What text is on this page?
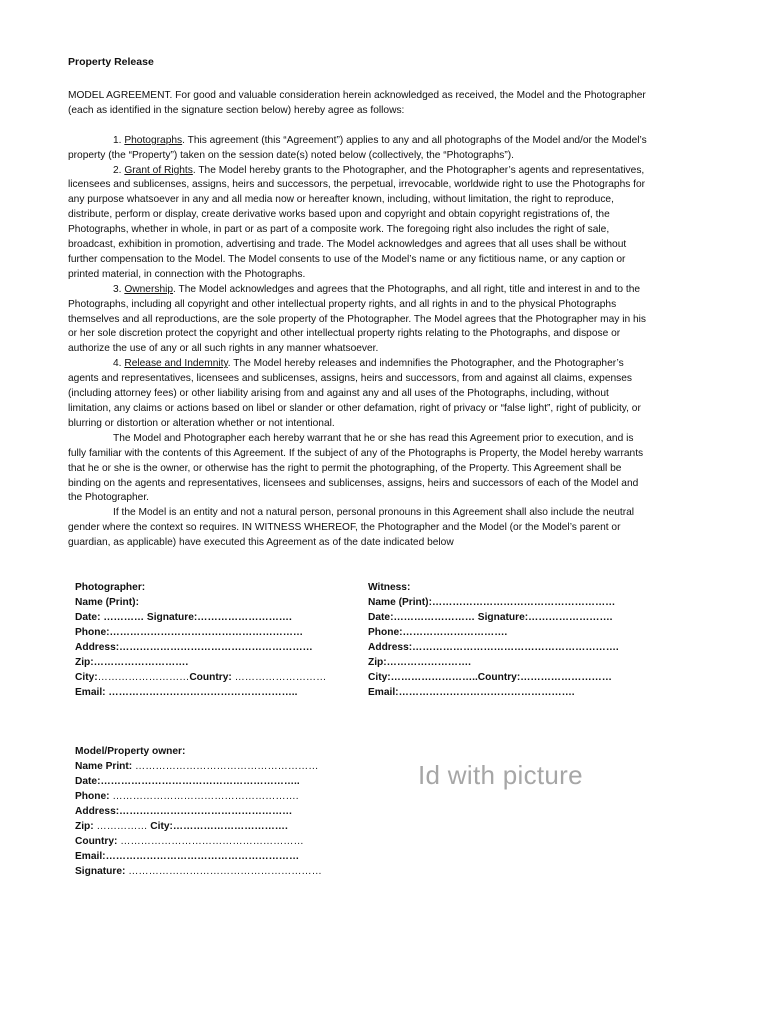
Property Release

MODEL AGREEMENT. For good and valuable consideration herein acknowledged as received, the Model and the Photographer (each as identified in the signature section below) hereby agree as follows:

1. Photographs. This agreement (this “Agreement”) applies to any and all photographs of the Model and/or the Model’s property (the “Property”) taken on the session date(s) noted below (collectively, the “Photographs”).

2. Grant of Rights. The Model hereby grants to the Photographer, and the Photographer’s agents and representatives, licensees and sublicenses, assigns, heirs and successors, the perpetual, irrevocable, worldwide right to use the Photographs for any purpose whatsoever in any and all media now or hereafter known, including, without limitation, the right to reproduce, distribute, perform or display, create derivative works based upon and copyright and obtain copyright registrations of, the Photographs, whether in whole, in part or as part of a composite work. The foregoing right also includes the right of sale, broadcast, exhibition in promotion, advertising and trade. The Model acknowledges and agrees that all uses shall be without further compensation to the Model. The Model consents to use of the Model’s name or any fictitious name, or any caption or printed material, in connection with the Photographs.

3. Ownership. The Model acknowledges and agrees that the Photographs, and all right, title and interest in and to the Photographs, including all copyright and other intellectual property rights, and all rights in and to the physical Photographs themselves and all reproductions, are the sole property of the Photographer. The Model agrees that the Photographer may in his or her sole discretion protect the copyright and other intellectual property rights relating to the Photographs, and dispose or authorize the use of any or all such rights in any manner whatsoever.

4. Release and Indemnity. The Model hereby releases and indemnifies the Photographer, and the Photographer’s agents and representatives, licensees and sublicenses, assigns, heirs and successors, from and against all claims, expenses (including attorney fees) or other liability arising from and against any and all uses of the Photographs, including, without limitation, any claims or actions based on libel or slander or other defamation, right of privacy or “false light”, right of publicity, or blurring or distortion or alteration whether or not intentional.

The Model and Photographer each hereby warrant that he or she has read this Agreement prior to execution, and is fully familiar with the contents of this Agreement. If the subject of any of the Photographs is Property, the Model hereby warrants that he or she is the owner, or otherwise has the right to permit the photographing, of the Property. This Agreement shall be binding on the agents and representatives, licensees and sublicenses, assigns, heirs and successors of each of the Model and the Photographer.

If the Model is an entity and not a natural person, personal pronouns in this Agreement shall also include the neutral gender where the context so requires. IN WITNESS WHEREOF, the Photographer and the Model (or the Model’s parent or guardian, as applicable) have executed this Agreement as of the date indicated below

Photographer:
Name (Print):
Date: ………… Signature:……………………….
Phone:…………………………………………………
Address:…………………………………………………
Zip:……………………….
City:………………………Country: ………………………
Email: ………………………………………………..
Witness:
Name (Print):………………………………………………
Date:…………………… Signature:…………………….
Phone:………………………….
Address:…………………………………………………….
Zip:…………………….
City:……………………..Country:………………………
Email:…………………………………………….
Model/Property owner:
Name Print: ………………………………………………
Date:…………………………………………………..
Phone: ……………………………………………….
Address:……………………………………………
Zip: …………… City:…………………………….
Country: ………………………………………………
Email:…………………………………………………
Signature: …………………………………………………
Id with picture
